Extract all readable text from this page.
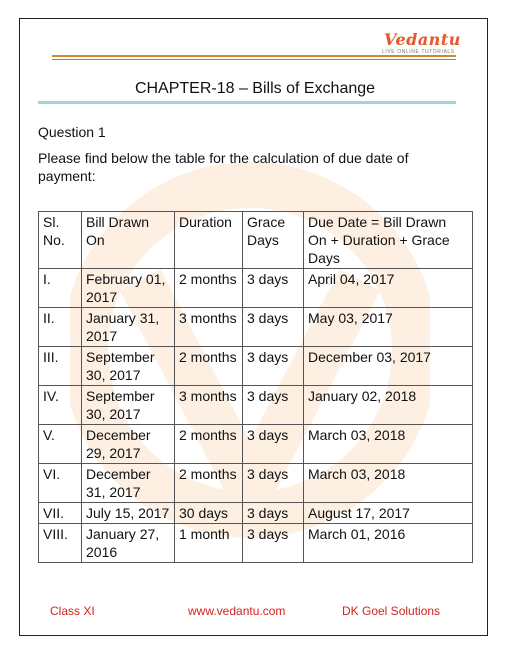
Vedantu
LIVE ONLINE TUTORIALS
CHAPTER-18 – Bills of Exchange
Question 1
Please find below the table for the calculation of due date of payment:
Sl. No.	Bill Drawn On	Duration	Grace Days	Due Date = Bill Drawn On + Duration + Grace Days
I.	February 01, 2017	2 months	3 days	April 04, 2017
II.	January 31, 2017	3 months	3 days	May 03, 2017
III.	September 30, 2017	2 months	3 days	December 03, 2017
IV.	September 30, 2017	3 months	3 days	January 02, 2018
V.	December 29, 2017	2 months	3 days	March 03, 2018
VI.	December 31, 2017	2 months	3 days	March 03, 2018
VII.	July 15, 2017	30 days	3 days	August 17, 2017
VIII.	January 27, 2016	1 month	3 days	March 01, 2016
Class XI	www.vedantu.com	DK Goel Solutions
